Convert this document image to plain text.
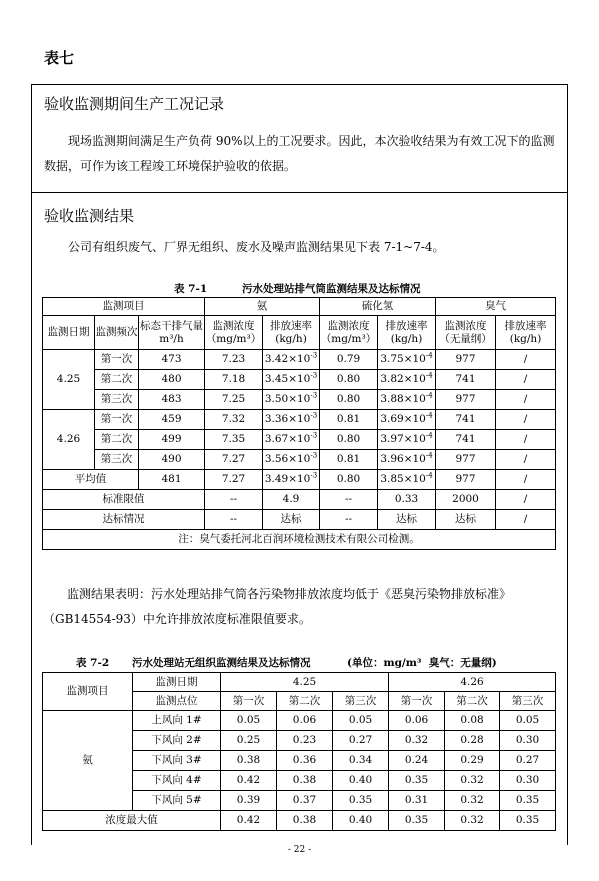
表七
验收监测期间生产工况记录
现场监测期间满足生产负荷 90%以上的工况要求。因此，本次验收结果为有效工况下的监测数据，可作为该工程竣工环境保护验收的依据。
验收监测结果
公司有组织废气、厂界无组织、废水及噪声监测结果见下表 7-1~7-4。
表 7-1	污水处理站排气筒监测结果及达标情况
监测项目			氨		硫化氢		臭气	
监测日期	监测频次	标态干排气量 m³/h	监测浓度（mg/m³）	排放速率(kg/h)	监测浓度（mg/m³）	排放速率(kg/h)	监测浓度（无量纲）	排放速率(kg/h)
4.25	第一次	473	7.23	$3.42\times 10^{-3}$	0.79	$3.75\times 10^{-4}$	977	/
	第二次	480	7.18	$3.45\times 10^{-3}$	0.80	$3.82\times 10^{-4}$	741	/
	第三次	483	7.25	$3.50\times 10^{-3}$	0.80	$3.88\times 10^{-4}$	977	/
4.26	第一次	459	7.32	$3.36\times 10^{-3}$	0.81	$3.69\times 10^{-4}$	741	/
	第二次	499	7.35	$3.67\times 10^{-3}$	0.80	$3.97\times 10^{-4}$	741	/
	第三次	490	7.27	$3.56\times 10^{-3}$	0.81	$3.96\times 10^{-4}$	977	/
平均值		481	7.27	$3.49\times 10^{-3}$	0.80	$3.85\times 10^{-4}$	977	/
标准限值			--	4.9	--	0.33	2000	/
达标情况			--	达标	--	达标	达标	/
注：臭气委托河北百润环境检测技术有限公司检测。								
监测结果表明：污水处理站排气筒各污染物排放浓度均低于《恶臭污染物排放标准》（GB14554-93）中允许排放浓度标准限值要求。
表 7-2 污水处理站无组织监测结果及达标情况	(单位：mg/m³  臭气：无量纲)
监测项目	监测日期	4.25			4.26		
	监测点位	第一次	第二次	第三次	第一次	第二次	第三次
氨	上风向 1#	0.05	0.06	0.05	0.06	0.08	0.05
	下风向 2#	0.25	0.23	0.27	0.32	0.28	0.30
	下风向 3#	0.38	0.36	0.34	0.24	0.29	0.27
	下风向 4#	0.42	0.38	0.40	0.35	0.32	0.30
	下风向 5#	0.39	0.37	0.35	0.31	0.32	0.35
浓度最大值		0.42	0.38	0.40	0.35	0.32	0.35
- 22 -
